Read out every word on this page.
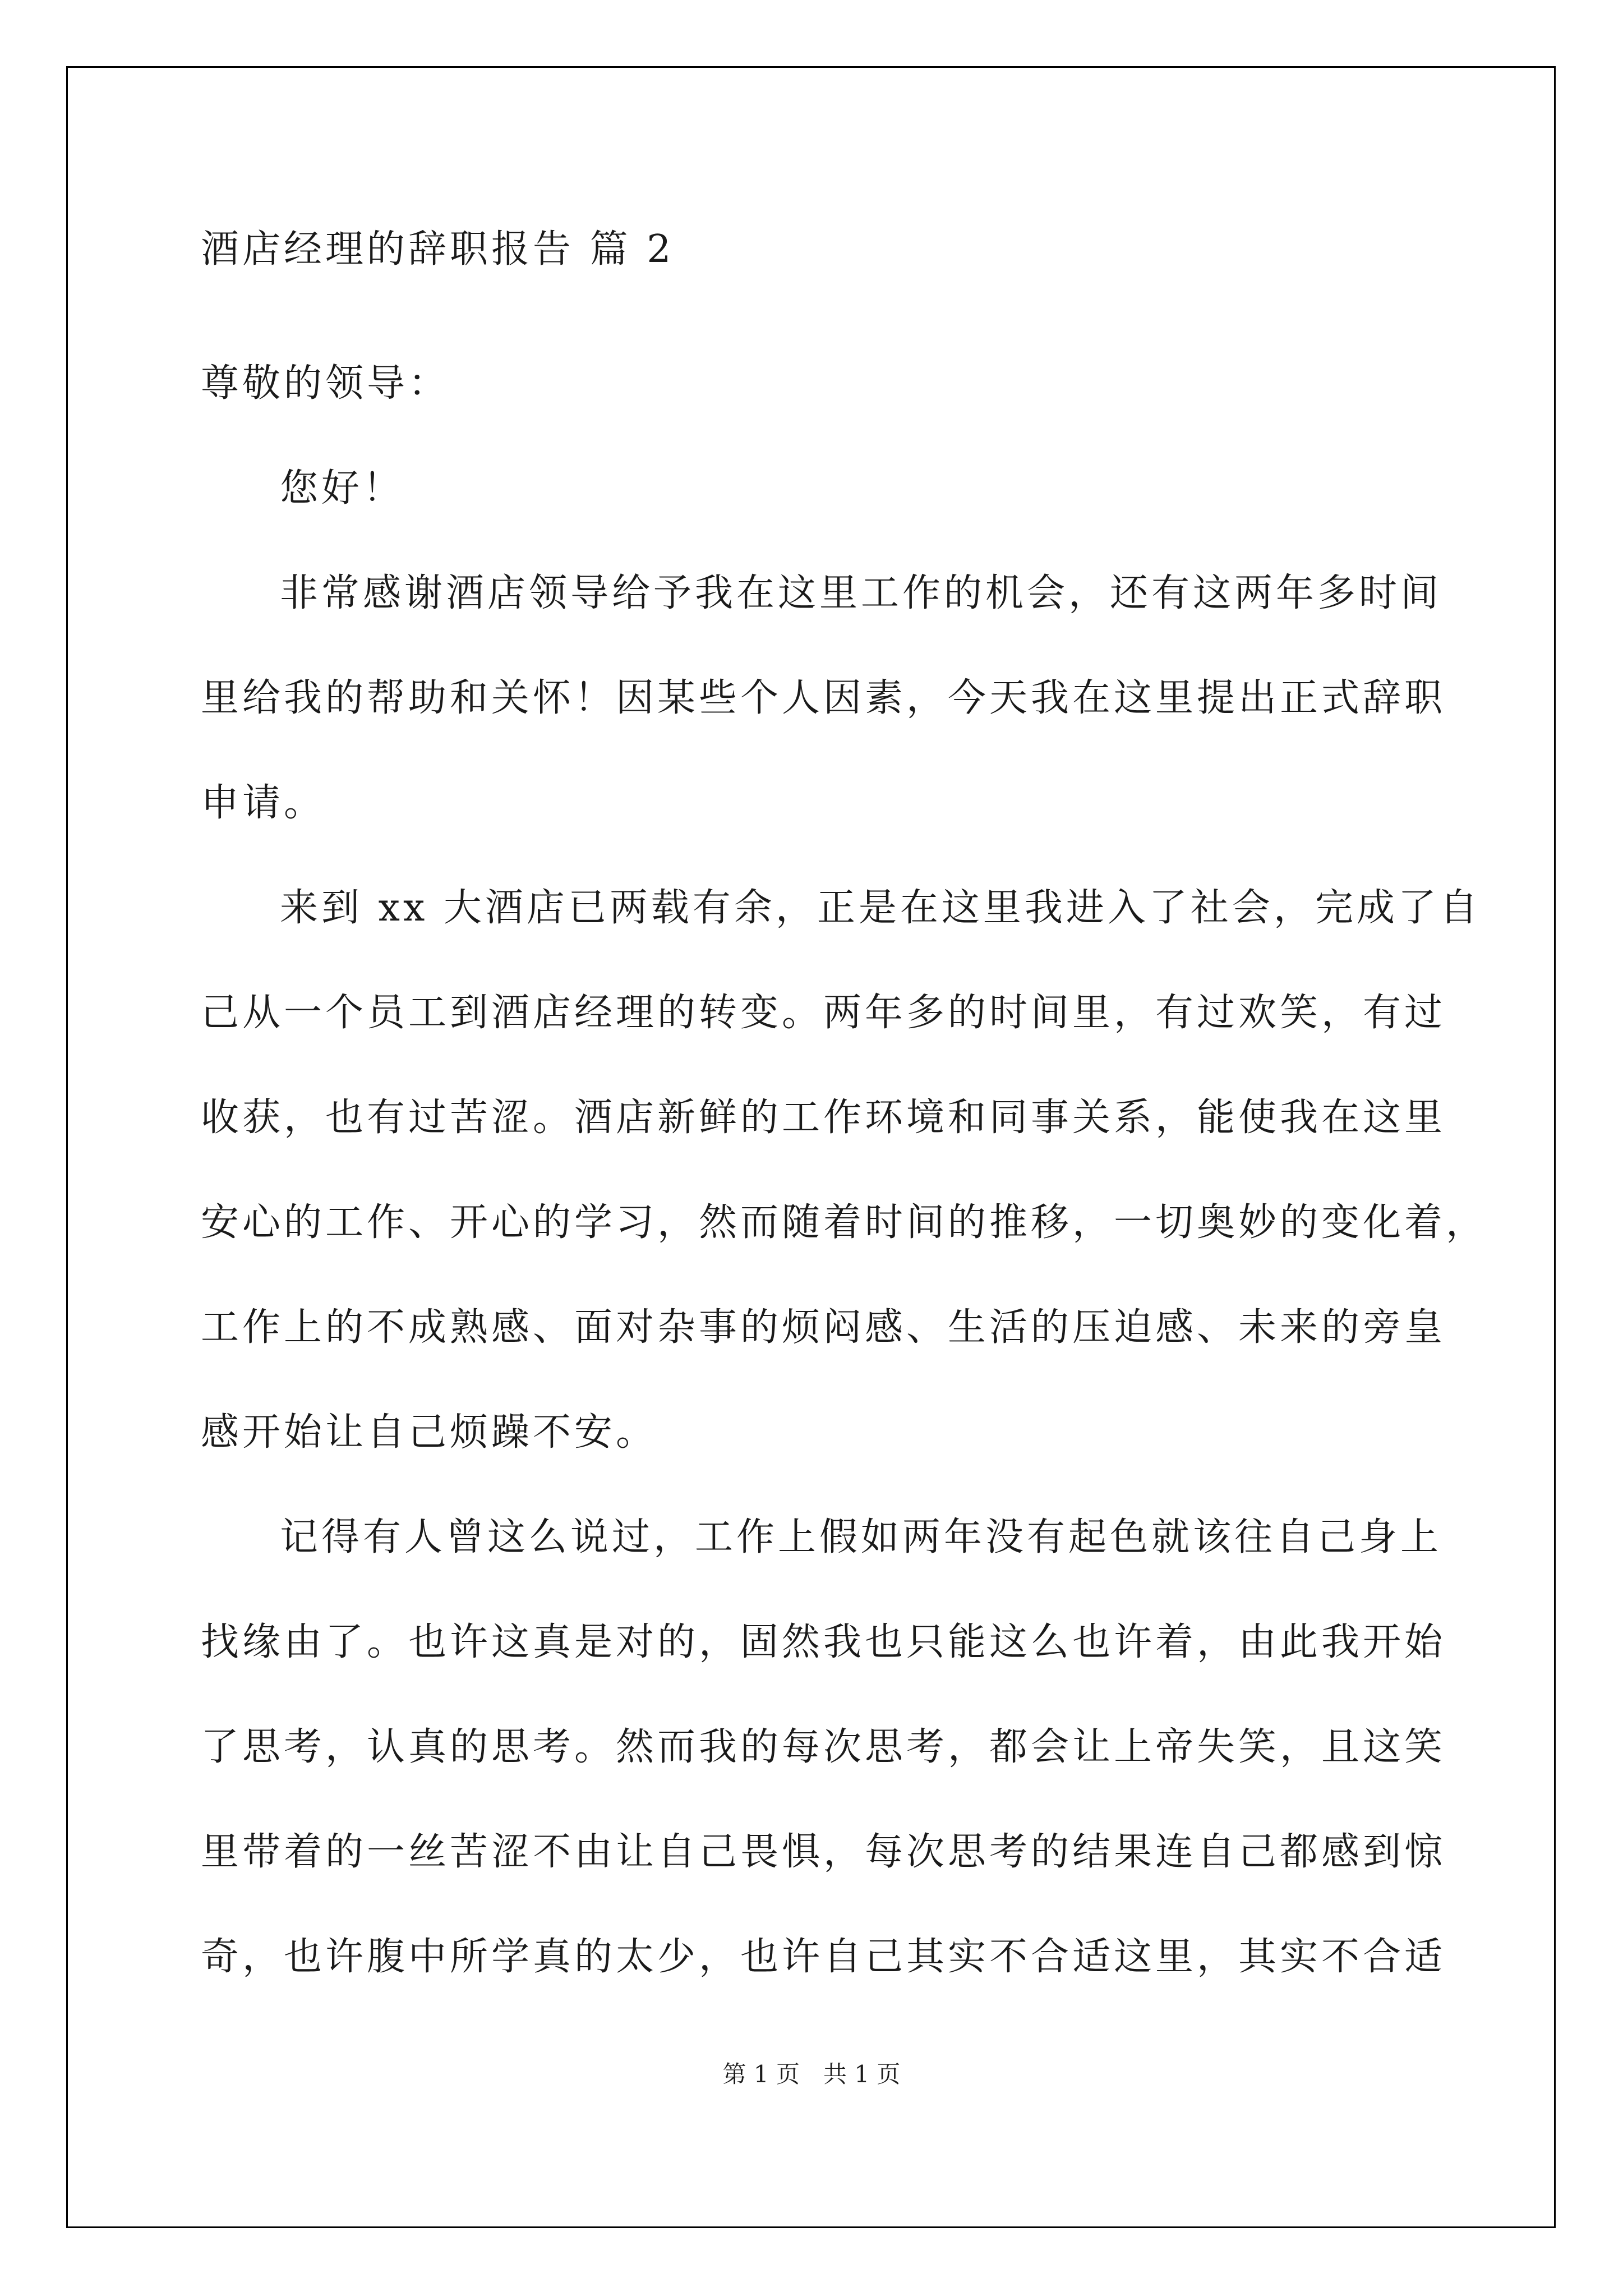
酒店经理的辞职报告 篇 2

尊敬的领导：

您好！

非常感谢酒店领导给予我在这里工作的机会，还有这两年多时间

里给我的帮助和关怀！因某些个人因素，今天我在这里提出正式辞职

申请。

来到 xx 大酒店已两载有余，正是在这里我进入了社会，完成了自

己从一个员工到酒店经理的转变。两年多的时间里，有过欢笑，有过

收获，也有过苦涩。酒店新鲜的工作环境和同事关系，能使我在这里

安心的工作、开心的学习，然而随着时间的推移，一切奥妙的变化着，

工作上的不成熟感、面对杂事的烦闷感、生活的压迫感、未来的旁皇

感开始让自己烦躁不安。

记得有人曾这么说过，工作上假如两年没有起色就该往自己身上

找缘由了。也许这真是对的，固然我也只能这么也许着，由此我开始

了思考，认真的思考。然而我的每次思考，都会让上帝失笑，且这笑

里带着的一丝苦涩不由让自己畏惧，每次思考的结果连自己都感到惊

奇，也许腹中所学真的太少，也许自己其实不合适这里，其实不合适

第 1 页　共 1 页
